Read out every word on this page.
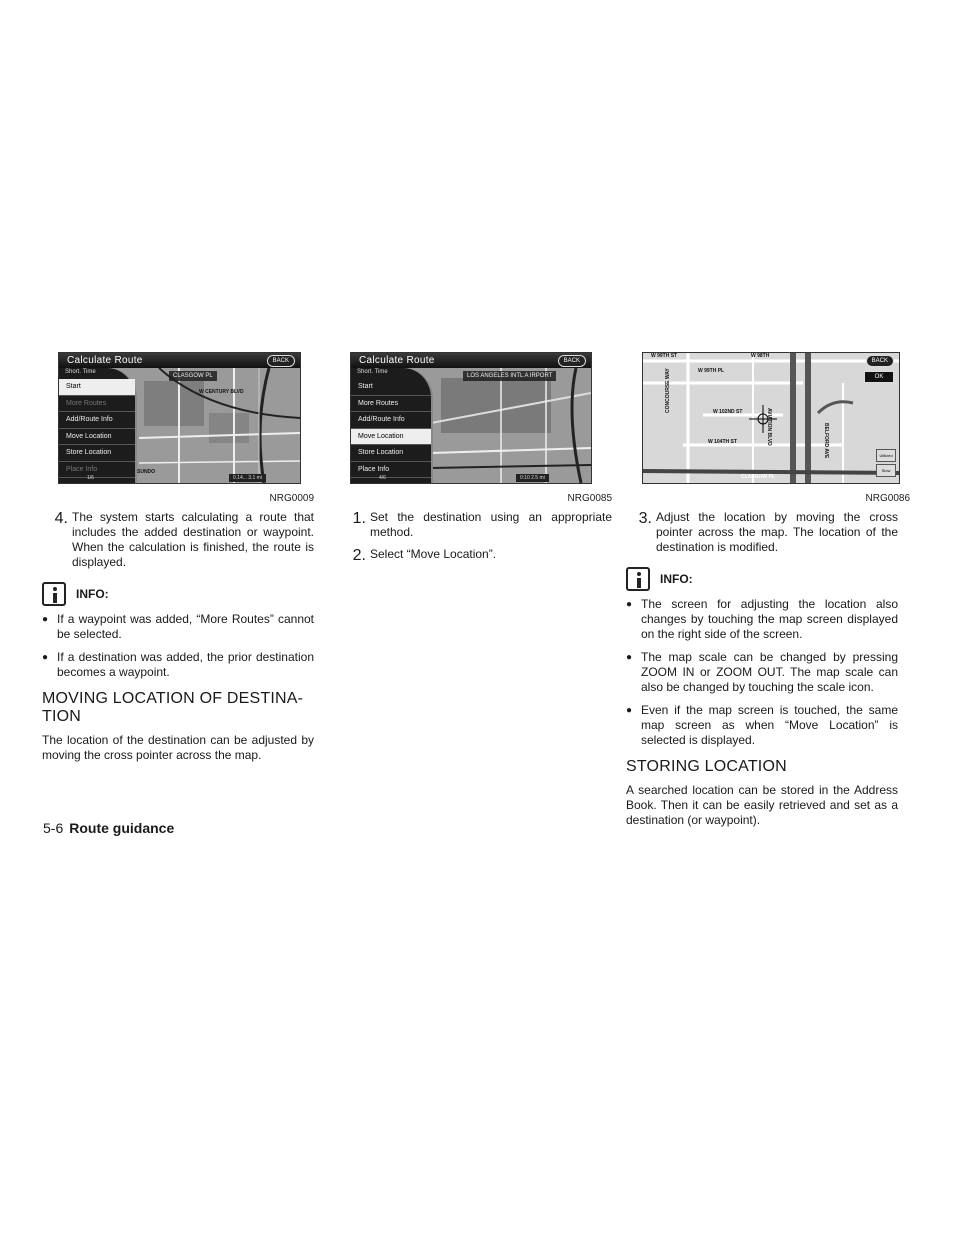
Calculate Route	BACK
Short. Time
Start
More Routes
Add/Route Info
Move Location
Store Location
Place Info
1/6
CLASGOW PL
W CENTURY BLVD
SUNDO
0.14... 3.1 mi
NRG0009
4. The system starts calculating a route that includes the added destination or waypoint. When the calculation is finished, the route is displayed.

INFO:
● If a waypoint was added, “More Routes” cannot be selected.

● If a destination was added, the prior destination becomes a waypoint.

MOVING LOCATION OF DESTINA-
TION

The location of the destination can be adjusted by moving the cross pointer across the map.

Calculate Route	BACK
Short. Time
Start
More Routes
Add/Route Info
Move Location
Store Location
Place Info
4/6
LOS ANGELES INTL A IRPORT
0:10 2.5 mi
NRG0085
1. Set the destination using an appropriate method.

2. Select “Move Location”.

BACK
OK
W 99TH ST	W 98TH
W 99TH PL
W 102ND ST
W 104TH ST
CLASGOW PL
CONCOURSE WAY
AVIATION BLVD	BELFORD AVE	Utilized
Slow
NRG0086
3. Adjust the location by moving the cross pointer across the map. The location of the destination is modified.

INFO:
● The screen for adjusting the location also changes by touching the map screen displayed on the right side of the screen.

● The map scale can be changed by pressing ZOOM IN or ZOOM OUT. The map scale can also be changed by touching the scale icon.

● Even if the map screen is touched, the same map screen as when “Move Location” is selected is displayed.

STORING LOCATION

A searched location can be stored in the Address Book. Then it can be easily retrieved and set as a destination (or waypoint).

5-6 Route guidance
